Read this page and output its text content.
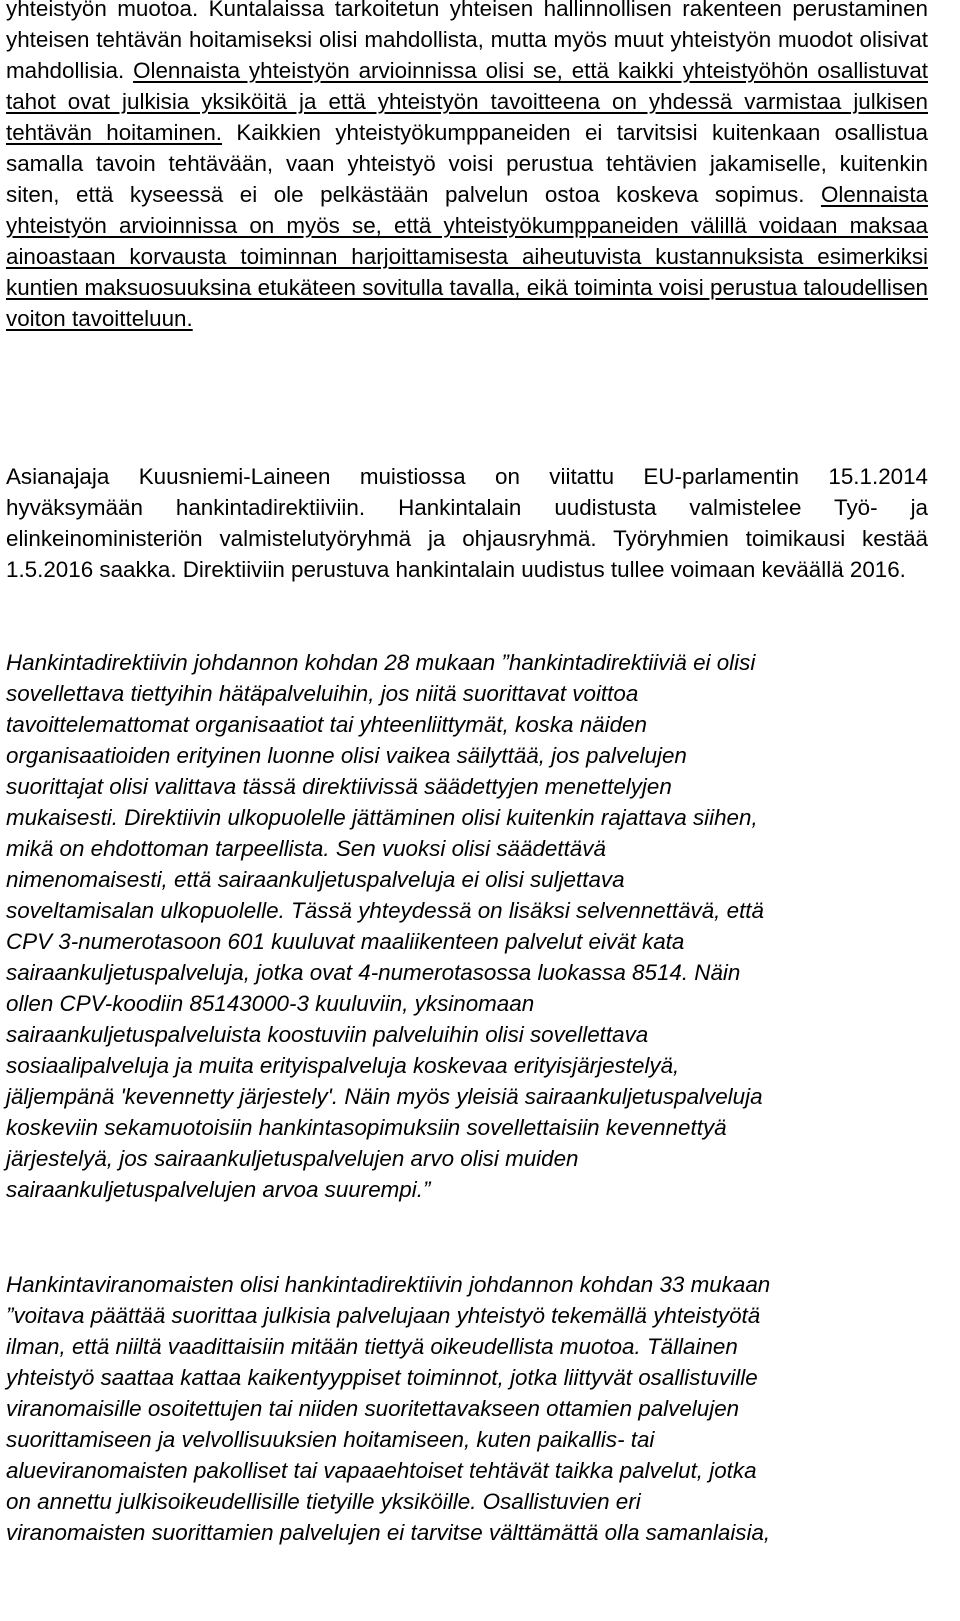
yhteistyön muotoa. Kuntalaissa tarkoitetun yhteisen hallinnollisen rakenteen perustaminen yhteisen tehtävän hoitamiseksi olisi mahdollista, mutta myös muut yhteistyön muodot olisivat mahdollisia. Olennaista yhteistyön arvioinnissa olisi se, että kaikki yhteistyöhön osallistuvat tahot ovat julkisia yksiköitä ja että yhteistyön tavoitteena on yhdessä varmistaa julkisen tehtävän hoitaminen. Kaikkien yhteistyökumppaneiden ei tarvitsisi kuitenkaan osallistua samalla tavoin tehtävään, vaan yhteistyö voisi perustua tehtävien jakamiselle, kuitenkin siten, että kyseessä ei ole pelkästään palvelun ostoa koskeva sopimus. Olennaista yhteistyön arvioinnissa on myös se, että yhteistyökumppaneiden välillä voidaan maksaa ainoastaan korvausta toiminnan harjoittamisesta aiheutuvista kustannuksista esimerkiksi kuntien maksuosuuksina etukäteen sovitulla tavalla, eikä toiminta voisi perustua taloudellisen voiton tavoitteluun.

Asianajaja Kuusniemi-Laineen muistiossa on viitattu EU-parlamentin 15.1.2014 hyväksymään hankintadirektiiviin. Hankintalain uudistusta valmistelee Työ- ja elinkeinoministeriön valmistelutyöryhmä ja ohjausryhmä. Työryhmien toimikausi kestää 1.5.2016 saakka. Direktiiviin perustuva hankintalain uudistus tullee voimaan keväällä 2016.

Hankintadirektiivin johdannon kohdan 28 mukaan ”hankintadirektiiviä ei olisi
sovellettava tiettyihin hätäpalveluihin, jos niitä suorittavat voittoa
tavoittelemattomat organisaatiot tai yhteenliittymät, koska näiden
organisaatioiden erityinen luonne olisi vaikea säilyttää, jos palvelujen
suorittajat olisi valittava tässä direktiivissä säädettyjen menettelyjen
mukaisesti. Direktiivin ulkopuolelle jättäminen olisi kuitenkin rajattava siihen,
mikä on ehdottoman tarpeellista. Sen vuoksi olisi säädettävä
nimenomaisesti, että sairaankuljetuspalveluja ei olisi suljettava
soveltamisalan ulkopuolelle. Tässä yhteydessä on lisäksi selvennettävä, että
CPV 3-numerotasoon 601 kuuluvat maaliikenteen palvelut eivät kata
sairaankuljetuspalveluja, jotka ovat 4-numerotasossa luokassa 8514. Näin
ollen CPV-koodiin 85143000-3 kuuluviin, yksinomaan
sairaankuljetuspalveluista koostuviin palveluihin olisi sovellettava
sosiaalipalveluja ja muita erityispalveluja koskevaa erityisjärjestelyä,
jäljempänä 'kevennetty järjestely'. Näin myös yleisiä sairaankuljetuspalveluja
koskeviin sekamuotoisiin hankintasopimuksiin sovellettaisiin kevennettyä
järjestelyä, jos sairaankuljetuspalvelujen arvo olisi muiden
sairaankuljetuspalvelujen arvoa suurempi.”
Hankintaviranomaisten olisi hankintadirektiivin johdannon kohdan 33 mukaan
”voitava päättää suorittaa julkisia palvelujaan yhteistyö tekemällä yhteistyötä
ilman, että niiltä vaadittaisiin mitään tiettyä oikeudellista muotoa. Tällainen
yhteistyö saattaa kattaa kaikentyyppiset toiminnot, jotka liittyvät osallistuville
viranomaisille osoitettujen tai niiden suoritettavakseen ottamien palvelujen
suorittamiseen ja velvollisuuksien hoitamiseen, kuten paikallis- tai
alueviranomaisten pakolliset tai vapaaehtoiset tehtävät taikka palvelut, jotka
on annettu julkisoikeudellisille tietyille yksiköille. Osallistuvien eri
viranomaisten suorittamien palvelujen ei tarvitse välttämättä olla samanlaisia,
